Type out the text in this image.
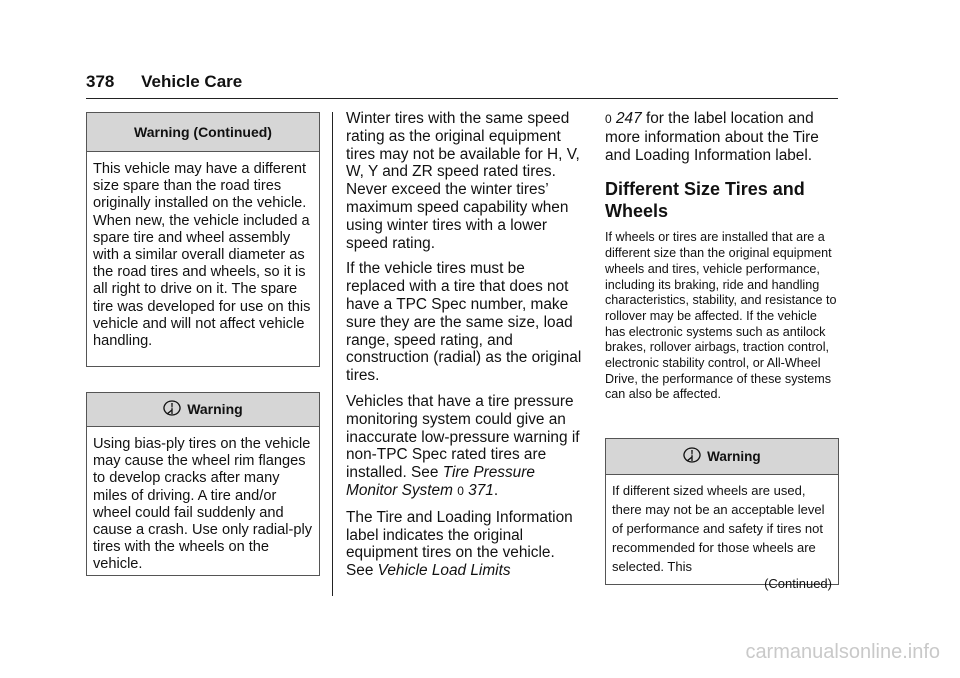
378 Vehicle Care
Warning (Continued)
This vehicle may have a different size spare than the road tires originally installed on the vehicle. When new, the vehicle included a spare tire and wheel assembly with a similar overall diameter as the road tires and wheels, so it is all right to drive on it. The spare tire was developed for use on this vehicle and will not affect vehicle handling.
! Warning
Using bias-ply tires on the vehicle may cause the wheel rim flanges to develop cracks after many miles of driving. A tire and/or wheel could fail suddenly and cause a crash. Use only radial-ply tires with the wheels on the vehicle.

Winter tires with the same speed rating as the original equipment tires may not be available for H, V, W, Y and ZR speed rated tires. Never exceed the winter tires’ maximum speed capability when using winter tires with a lower speed rating.

If the vehicle tires must be replaced with a tire that does not have a TPC Spec number, make sure they are the same size, load range, speed rating, and construction (radial) as the original tires.

Vehicles that have a tire pressure monitoring system could give an inaccurate low-pressure warning if non-TPC Spec rated tires are installed. See Tire Pressure Monitor System 0 371.

The Tire and Loading Information label indicates the original equipment tires on the vehicle. See Vehicle Load Limits

0 247 for the label location and more information about the Tire and Loading Information label.

Different Size Tires and Wheels

If wheels or tires are installed that are a different size than the original equipment wheels and tires, vehicle performance, including its braking, ride and handling characteristics, stability, and resistance to rollover may be affected. If the vehicle has electronic systems such as antilock brakes, rollover airbags, traction control, electronic stability control, or All-Wheel Drive, the performance of these systems can also be affected.

! Warning
If different sized wheels are used, there may not be an acceptable level of performance and safety if tires not recommended for those wheels are selected. This
(Continued)
carmanualsonline.info
